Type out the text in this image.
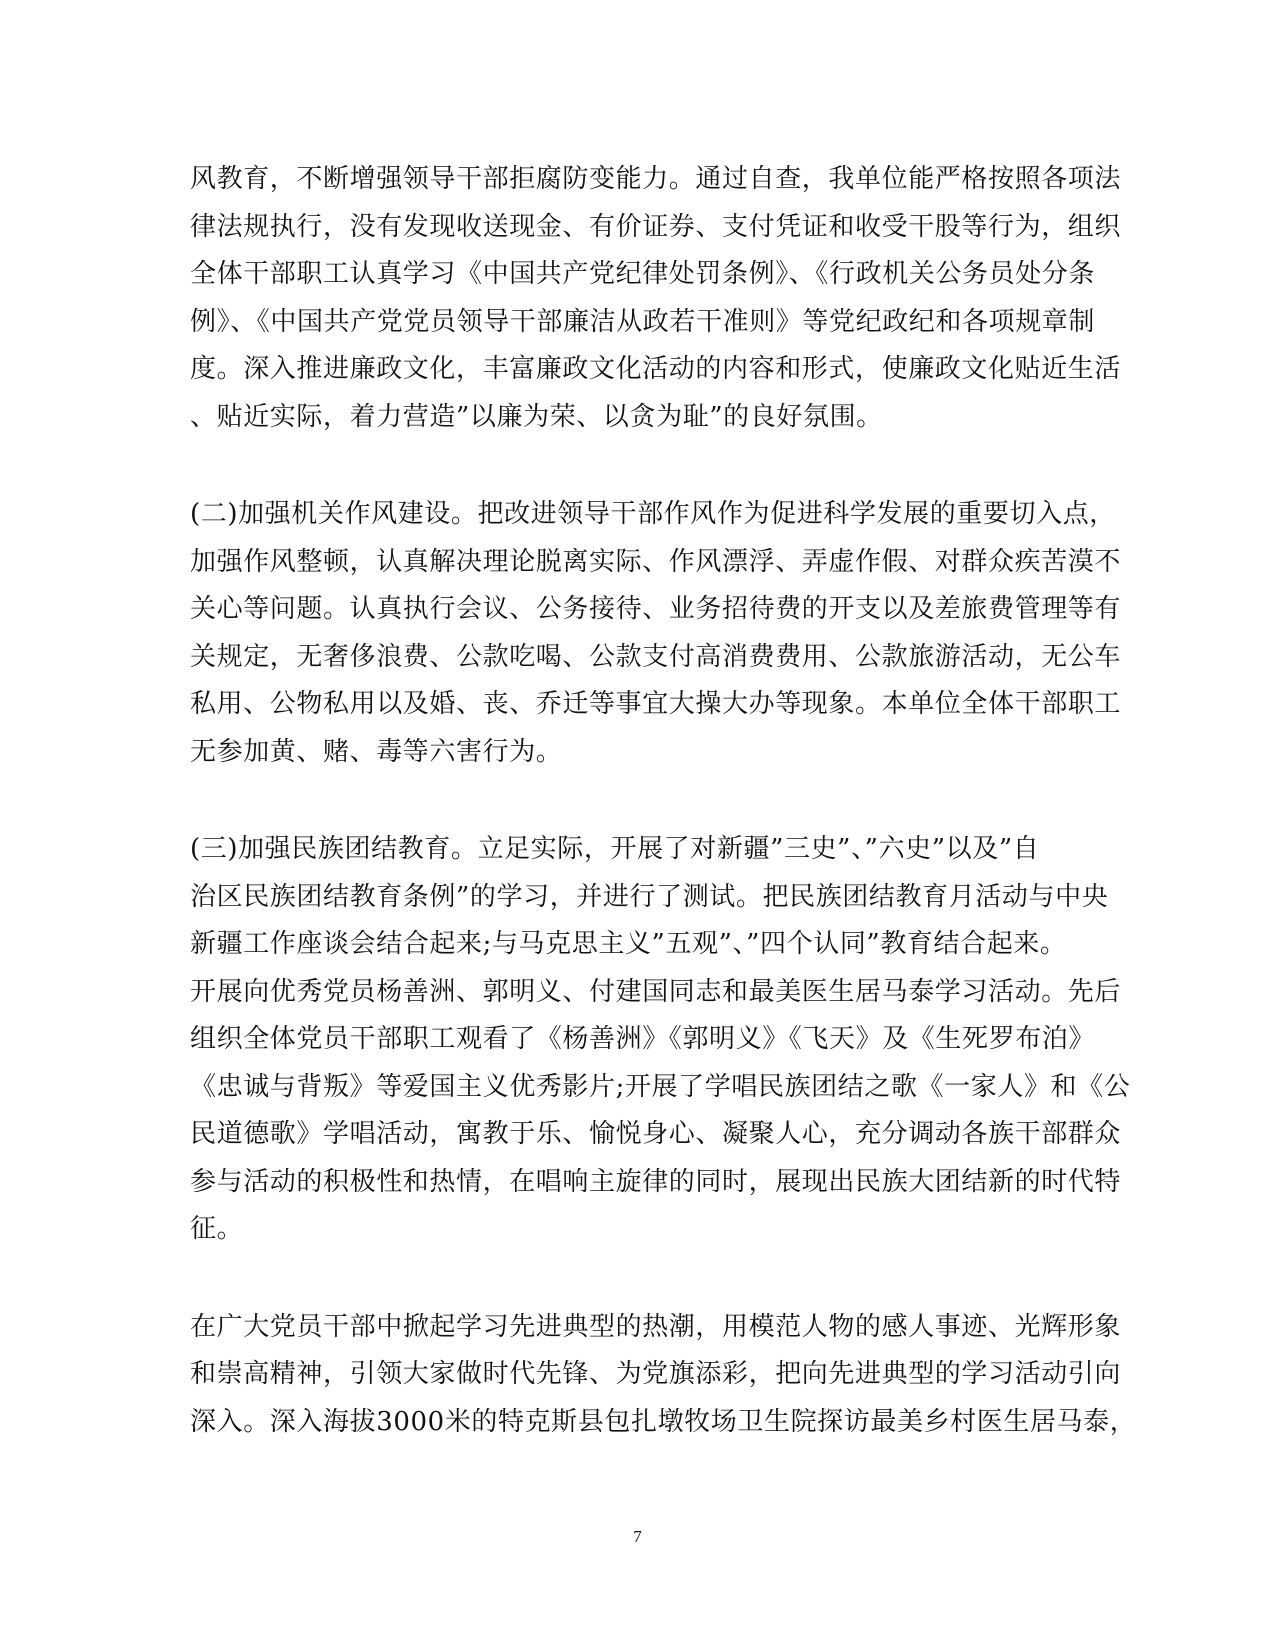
风教育，不断增强领导干部拒腐防变能力。通过自查，我单位能严格按照各项法
律法规执行，没有发现收送现金、有价证券、支付凭证和收受干股等行为，组织
全体干部职工认真学习《中国共产党纪律处罚条例》、《行政机关公务员处分条
例》、《中国共产党党员领导干部廉洁从政若干准则》等党纪政纪和各项规章制
度。深入推进廉政文化，丰富廉政文化活动的内容和形式，使廉政文化贴近生活
、贴近实际，着力营造”以廉为荣、以贪为耻”的良好氛围。
(二)加强机关作风建设。把改进领导干部作风作为促进科学发展的重要切入点，
加强作风整顿，认真解决理论脱离实际、作风漂浮、弄虚作假、对群众疾苦漠不
关心等问题。认真执行会议、公务接待、业务招待费的开支以及差旅费管理等有
关规定，无奢侈浪费、公款吃喝、公款支付高消费费用、公款旅游活动，无公车
私用、公物私用以及婚、丧、乔迁等事宜大操大办等现象。本单位全体干部职工
无参加黄、赌、毒等六害行为。
(三)加强民族团结教育。立足实际，开展了对新疆”三史”、”六史”以及”自
治区民族团结教育条例”的学习，并进行了测试。把民族团结教育月活动与中央
新疆工作座谈会结合起来;与马克思主义”五观”、”四个认同”教育结合起来。
开展向优秀党员杨善洲、郭明义、付建国同志和最美医生居马泰学习活动。先后
组织全体党员干部职工观看了《杨善洲》《郭明义》《飞天》及《生死罗布泊》
《忠诚与背叛》等爱国主义优秀影片;开展了学唱民族团结之歌《一家人》和《公
民道德歌》学唱活动，寓教于乐、愉悦身心、凝聚人心，充分调动各族干部群众
参与活动的积极性和热情，在唱响主旋律的同时，展现出民族大团结新的时代特
征。
在广大党员干部中掀起学习先进典型的热潮，用模范人物的感人事迹、光辉形象
和崇高精神，引领大家做时代先锋、为党旗添彩，把向先进典型的学习活动引向
深入。深入海拔3000米的特克斯县包扎墩牧场卫生院探访最美乡村医生居马泰，
7
